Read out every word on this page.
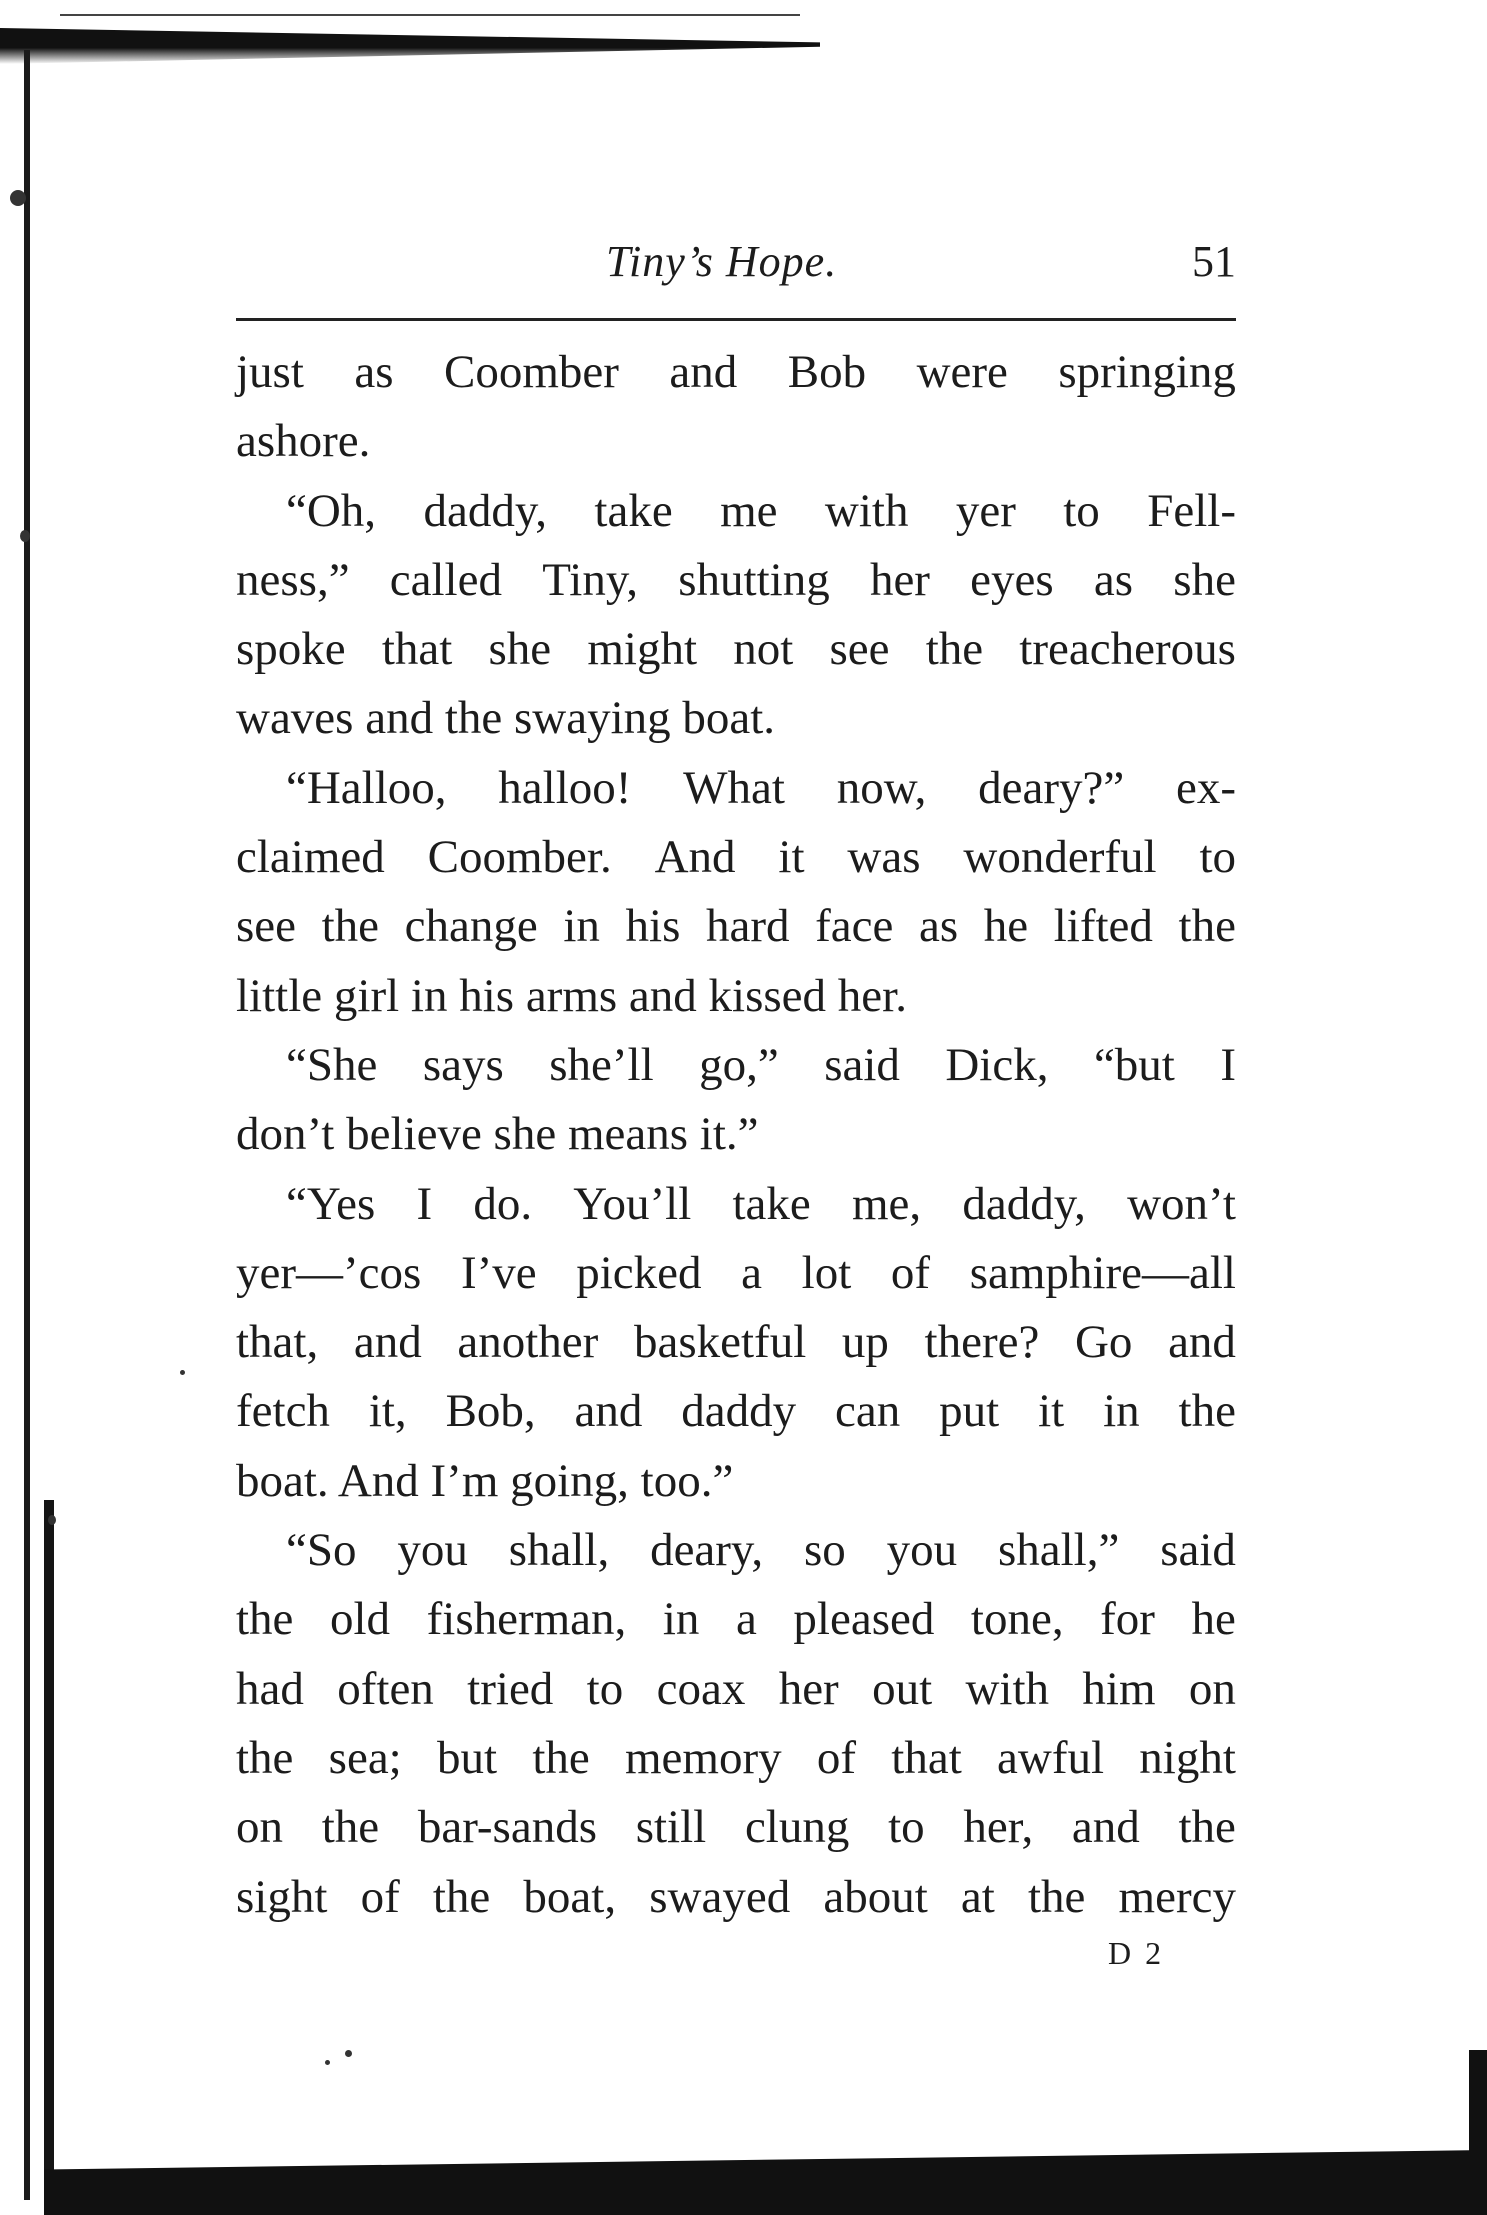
Tiny’s Hope.	51
just as Coomber and Bob were springing
ashore.
“Oh, daddy, take me with yer to Fell-
ness,” called Tiny, shutting her eyes as she
spoke that she might not see the treacherous
waves and the swaying boat.
“Halloo, halloo! What now, deary?” ex-
claimed Coomber. And it was wonderful to
see the change in his hard face as he lifted the
little girl in his arms and kissed her.
“She says she’ll go,” said Dick, “but I
don’t believe she means it.”
“Yes I do. You’ll take me, daddy, won’t
yer—’cos I’ve picked a lot of samphire—all
that, and another basketful up there? Go and
fetch it, Bob, and daddy can put it in the
boat. And I’m going, too.”
“So you shall, deary, so you shall,” said
the old fisherman, in a pleased tone, for he
had often tried to coax her out with him on
the sea; but the memory of that awful night
on the bar-sands still clung to her, and the
sight of the boat, swayed about at the mercy
D 2
